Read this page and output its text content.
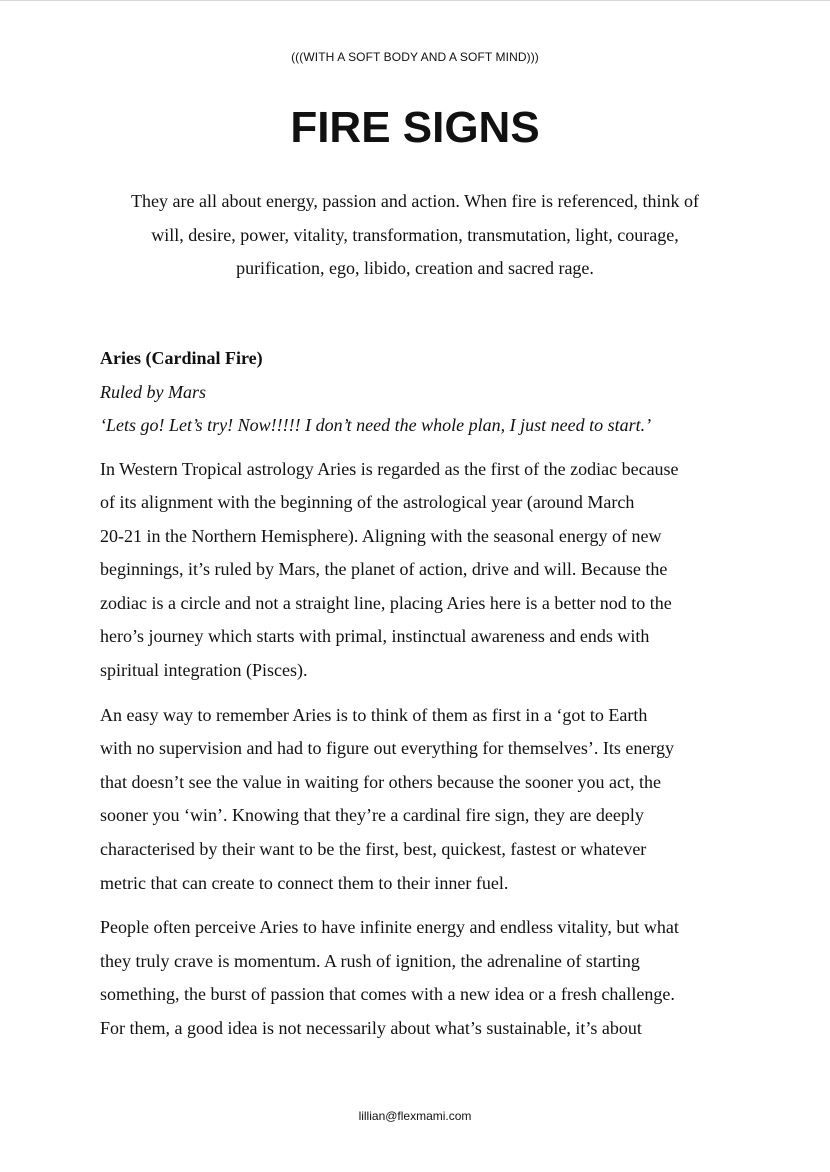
(((WITH A SOFT BODY AND A SOFT MIND)))
FIRE SIGNS

They are all about energy, passion and action. When fire is referenced, think of
will, desire, power, vitality, transformation, transmutation, light, courage,
purification, ego, libido, creation and sacred rage.

Aries (Cardinal Fire)

Ruled by Mars

‘Lets go! Let’s try! Now!!!!! I don’t need the whole plan, I just need to start.’

In Western Tropical astrology Aries is regarded as the first of the zodiac because
of its alignment with the beginning of the astrological year (around March
20-21 in the Northern Hemisphere). Aligning with the seasonal energy of new
beginnings, it’s ruled by Mars, the planet of action, drive and will. Because the
zodiac is a circle and not a straight line, placing Aries here is a better nod to the
hero’s journey which starts with primal, instinctual awareness and ends with
spiritual integration (Pisces).

An easy way to remember Aries is to think of them as first in a ‘got to Earth
with no supervision and had to figure out everything for themselves’. Its energy
that doesn’t see the value in waiting for others because the sooner you act, the
sooner you ‘win’. Knowing that they’re a cardinal fire sign, they are deeply
characterised by their want to be the first, best, quickest, fastest or whatever
metric that can create to connect them to their inner fuel.

People often perceive Aries to have infinite energy and endless vitality, but what
they truly crave is momentum. A rush of ignition, the adrenaline of starting
something, the burst of passion that comes with a new idea or a fresh challenge.
For them, a good idea is not necessarily about what’s sustainable, it’s about

lillian@flexmami.com
